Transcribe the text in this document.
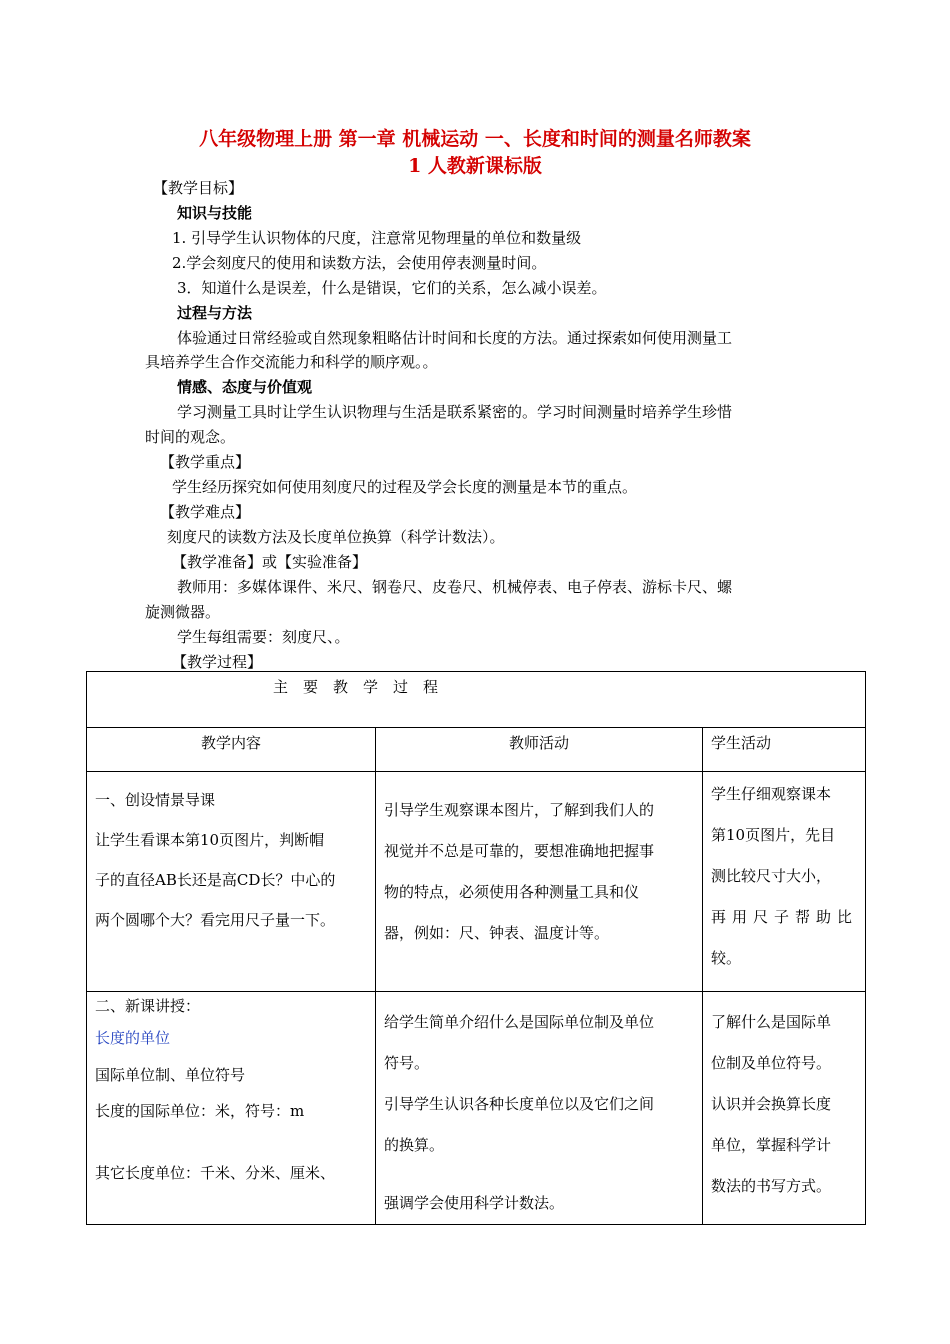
八年级物理上册 第一章 机械运动 一、长度和时间的测量名师教案
1 人教新课标版
【教学目标】
知识与技能
1. 引导学生认识物体的尺度，注意常见物理量的单位和数量级
2.学会刻度尺的使用和读数方法，会使用停表测量时间。
3．知道什么是误差，什么是错误，它们的关系，怎么减小误差。
过程与方法
体验通过日常经验或自然现象粗略估计时间和长度的方法。通过探索如何使用测量工
具培养学生合作交流能力和科学的顺序观。。
情感、态度与价值观
学习测量工具时让学生认识物理与生活是联系紧密的。学习时间测量时培养学生珍惜
时间的观念。
【教学重点】
学生经历探究如何使用刻度尺的过程及学会长度的测量是本节的重点。
【教学难点】
刻度尺的读数方法及长度单位换算（科学计数法）。
【教学准备】或【实验准备】
教师用：多媒体课件、米尺、钢卷尺、皮卷尺、机械停表、电子停表、游标卡尺、螺
旋测微器。
学生每组需要：刻度尺、。
【教学过程】
主　要　教　学　过　程		
教学内容	教师活动	学生活动

一、创设情景导课
让学生看课本第10页图片，判断帽
子的直径AB长还是高CD长？中心的
两个圆哪个大？看完用尺子量一下。	引导学生观察课本图片，了解到我们人的
视觉并不总是可靠的，要想准确地把握事
物的特点，必须使用各种测量工具和仪
器，例如：尺、钟表、温度计等。	学生仔细观察课本
第10页图片，先目
测比较尺寸大小，
再用尺子帮助比
较。

二、新课讲授：
长度的单位
国际单位制、单位符号
长度的国际单位：米，符号：m
其它长度单位：千米、分米、厘米、	给学生简单介绍什么是国际单位制及单位
符号。
引导学生认识各种长度单位以及它们之间
的换算。
强调学会使用科学计数法。	了解什么是国际单
位制及单位符号。
认识并会换算长度
单位，掌握科学计
数法的书写方式。
